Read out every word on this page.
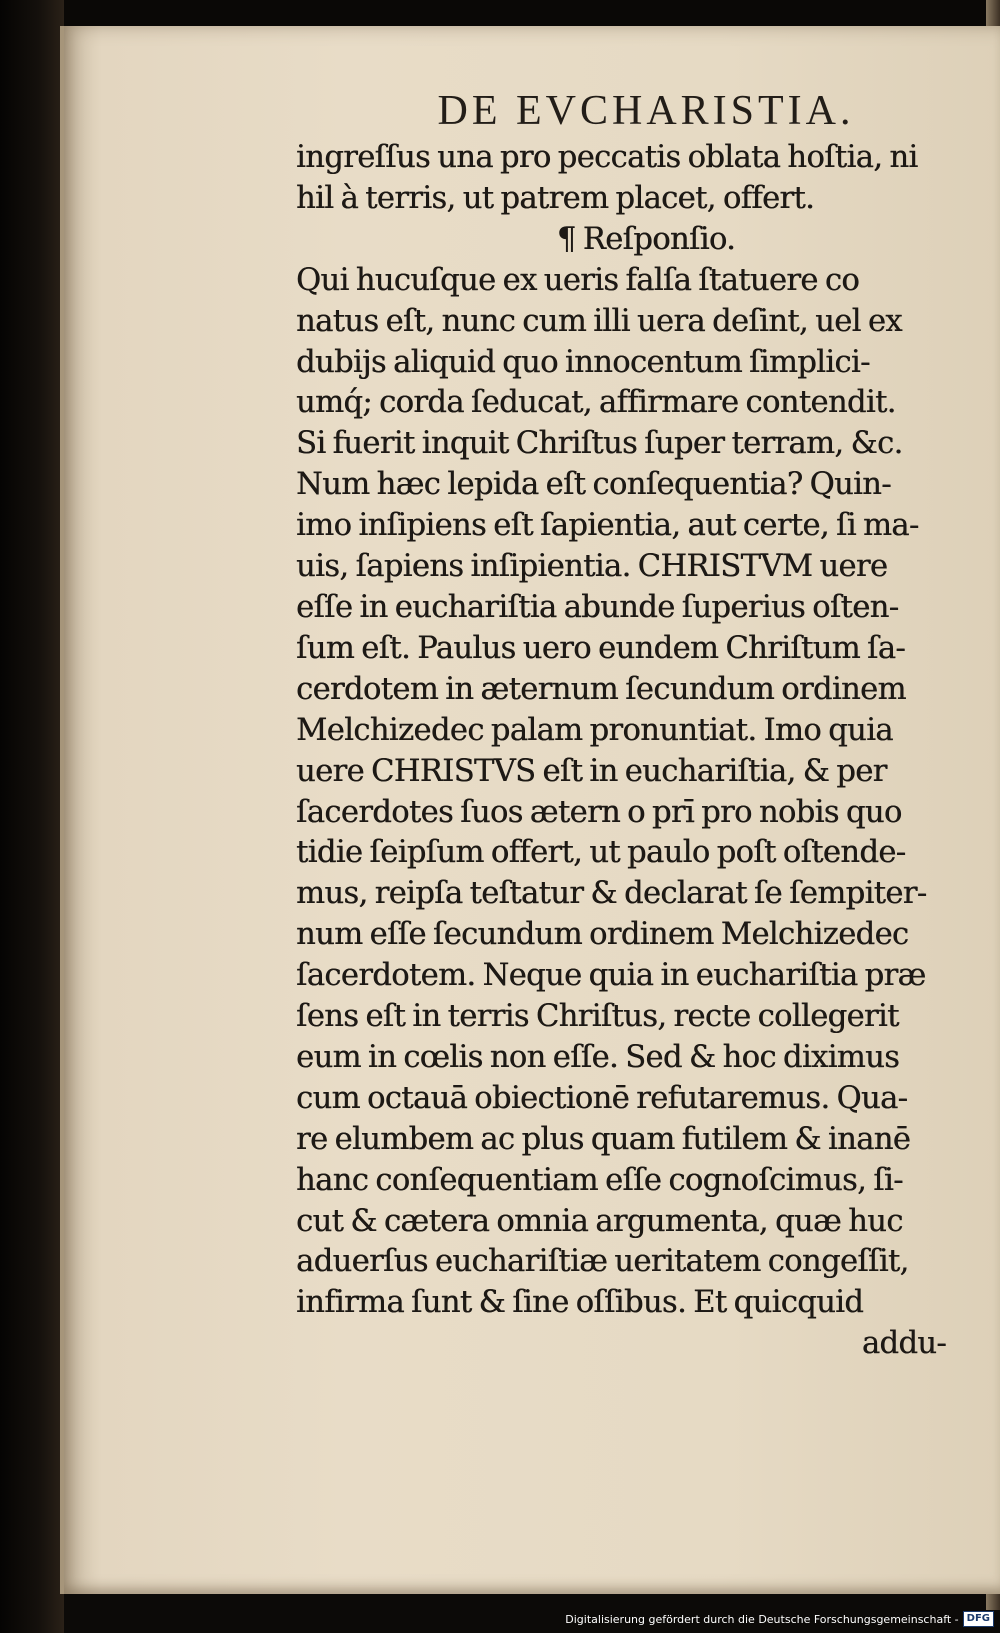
DE EVCHARISTIA.
ingreſſus una pro peccatis oblata hoſtia, ni
hil à terris, ut patrem placet, offert.
¶ Reſponſio.
Qui hucuſque ex ueris falſa ſtatuere co
natus eſt, nunc cum illi uera deſint, uel ex
dubijs aliquid quo innocentum ſimplici-
umq́; corda ſeducat, affirmare contendit.
Si fuerit inquit Chriſtus ſuper terram, &c.
Num hæc lepida eſt conſequentia? Quin-
imo inſipiens eſt ſapientia, aut certe, ſi ma-
uis, ſapiens inſipientia. CHRISTVM uere
eſſe in euchariſtia abunde ſuperius oſten-
ſum eſt. Paulus uero eundem Chriſtum ſa-
cerdotem in æternum ſecundum ordinem
Melchizedec palam pronuntiat. Imo quia
uere CHRISTVS eſt in euchariſtia, & per
ſacerdotes ſuos ætern o prī pro nobis quo
tidie ſeipſum offert, ut paulo poſt oſtende-
mus, reipſa teſtatur & declarat ſe ſempiter-
num eſſe ſecundum ordinem Melchizedec
ſacerdotem. Neque quia in euchariſtia præ
ſens eſt in terris Chriſtus, recte collegerit
eum in cœlis non eſſe. Sed & hoc diximus
cum octauā obiectionē refutaremus. Qua-
re elumbem ac plus quam futilem & inanē
hanc conſequentiam eſſe cognoſcimus, ſi-
cut & cætera omnia argumenta, quæ huc
aduerſus euchariſtiæ ueritatem congeſſit,
infirma ſunt & ſine oſſibus. Et quicquid
addu-
Digitalisierung gefördert durch die Deutsche Forschungsgemeinschaft - DFG
